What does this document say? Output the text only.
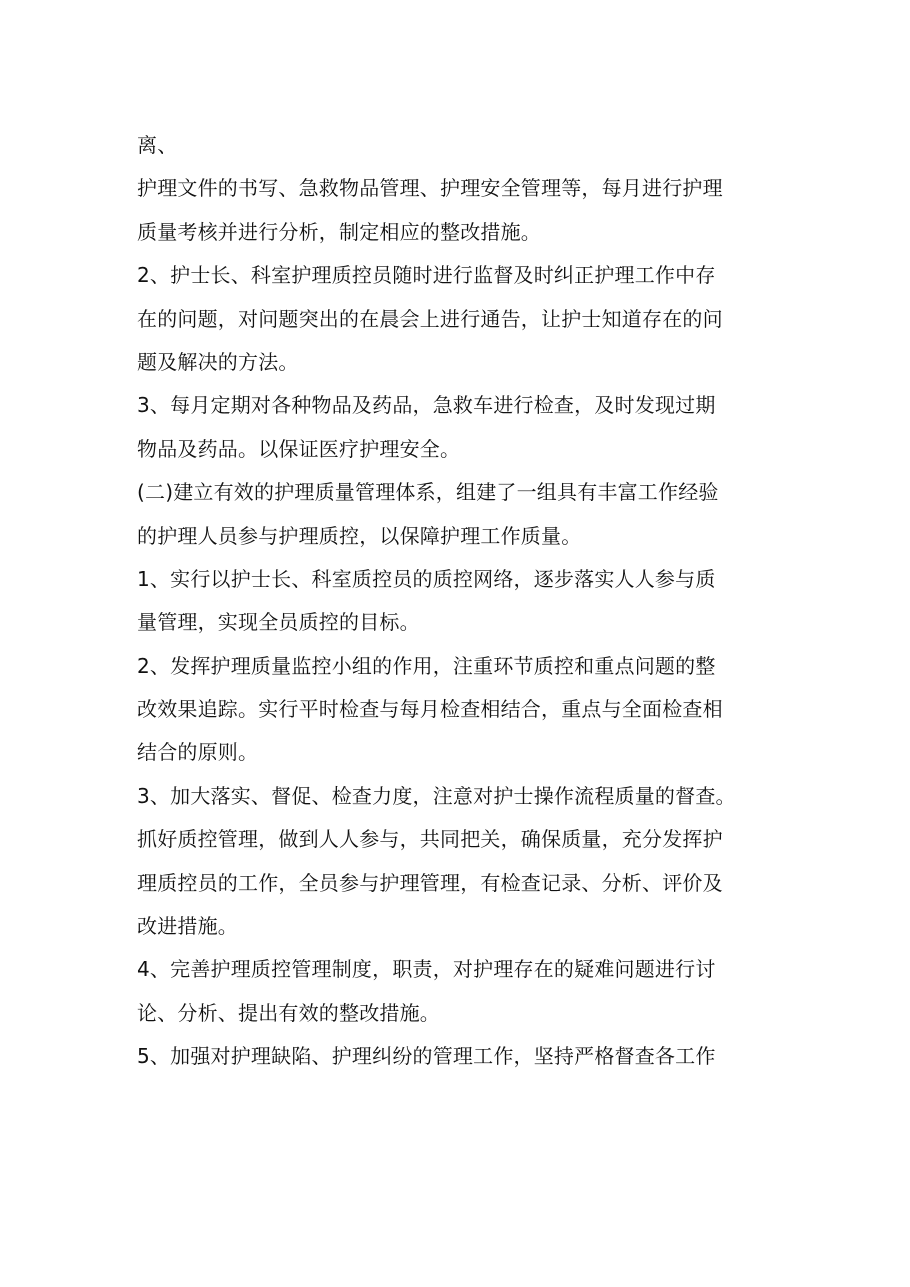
离、
护理文件的书写、急救物品管理、护理安全管理等，每月进行护理
质量考核并进行分析，制定相应的整改措施。
2、护士长、科室护理质控员随时进行监督及时纠正护理工作中存
在的问题，对问题突出的在晨会上进行通告，让护士知道存在的问
题及解决的方法。
3、每月定期对各种物品及药品，急救车进行检查，及时发现过期
物品及药品。以保证医疗护理安全。
(二)建立有效的护理质量管理体系，组建了一组具有丰富工作经验
的护理人员参与护理质控，以保障护理工作质量。
1、实行以护士长、科室质控员的质控网络，逐步落实人人参与质
量管理，实现全员质控的目标。
2、发挥护理质量监控小组的作用，注重环节质控和重点问题的整
改效果追踪。实行平时检查与每月检查相结合，重点与全面检查相
结合的原则。
3、加大落实、督促、检查力度，注意对护士操作流程质量的督查。
抓好质控管理，做到人人参与，共同把关，确保质量，充分发挥护
理质控员的工作，全员参与护理管理，有检查记录、分析、评价及
改进措施。
4、完善护理质控管理制度，职责，对护理存在的疑难问题进行讨
论、分析、提出有效的整改措施。
5、加强对护理缺陷、护理纠纷的管理工作，坚持严格督查各工作
